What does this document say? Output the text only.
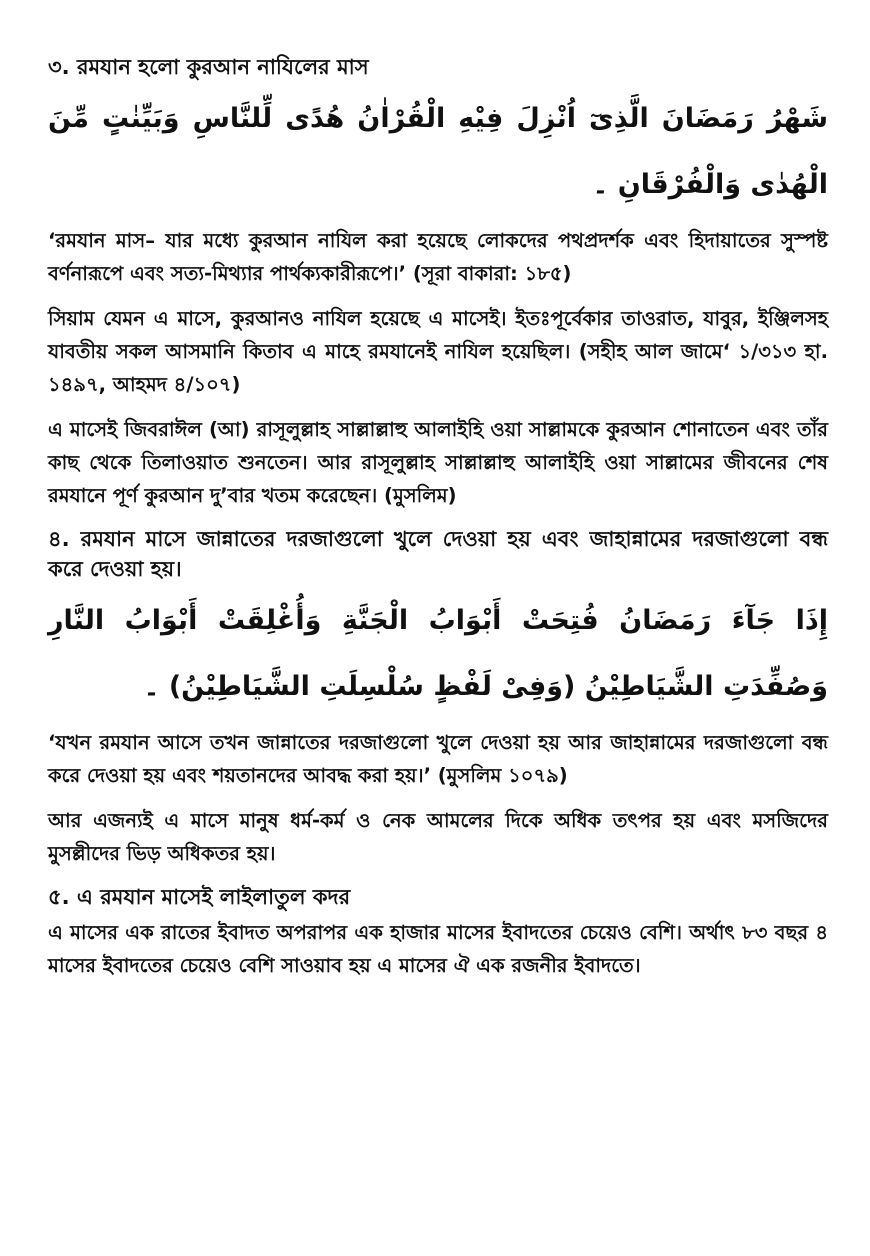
৩. রমযান হলো কুরআন নাযিলের মাস

شَهْرُ رَمَضَانَ الَّذِیٓ اُنْزِلَ فِيْهِ الْقُرْاٰنُ هُدًى لِّلنَّاسِ وَبَيِّنٰتٍ مِّنَ الْهُدٰى وَالْفُرْقَانِ ۔

‘রমযান মাস– যার মধ্যে কুরআন নাযিল করা হয়েছে লোকদের পথপ্রদর্শক এবং হিদায়াতের সুস্পষ্ট বর্ণনারূপে এবং সত্য-মিথ্যার পার্থক্যকারীরূপে।’ (সূরা বাকারা: ১৮৫)

সিয়াম যেমন এ মাসে, কুরআনও নাযিল হয়েছে এ মাসেই। ইতঃপূর্বেকার তাওরাত, যাবুর, ইঞ্জিলসহ যাবতীয় সকল আসমানি কিতাব এ মাহে রমযানেই নাযিল হয়েছিল। (সহীহ আল জামে‘ ১/৩১৩ হা. ১৪৯৭, আহমদ ৪/১০৭)

এ মাসেই জিবরাঈল (আ) রাসূলুল্লাহ সাল্লাল্লাহু আলাইহি ওয়া সাল্লামকে কুরআন শোনাতেন এবং তাঁর কাছ থেকে তিলাওয়াত শুনতেন। আর রাসূলুল্লাহ সাল্লাল্লাহু আলাইহি ওয়া সাল্লামের জীবনের শেষ রমযানে পূর্ণ কুরআন দু’বার খতম করেছেন। (মুসলিম)

৪. রমযান মাসে জান্নাতের দরজাগুলো খুলে দেওয়া হয় এবং জাহান্নামের দরজাগুলো বন্ধ করে দেওয়া হয়।

إِذَا جَآءَ رَمَضَانُ فُتِحَتْ أَبْوَابُ الْجَنَّةِ وَأُغْلِقَتْ أَبْوَابُ النَّارِ وَصُفِّدَتِ الشَّيَاطِيْنُ (وَفِىْ لَفْظٍ سُلْسِلَتِ الشَّيَاطِيْنُ) ۔

‘যখন রমযান আসে তখন জান্নাতের দরজাগুলো খুলে দেওয়া হয় আর জাহান্নামের দরজাগুলো বন্ধ করে দেওয়া হয় এবং শয়তানদের আবদ্ধ করা হয়।’ (মুসলিম ১০৭৯)

আর এজন্যই এ মাসে মানুষ ধর্ম-কর্ম ও নেক আমলের দিকে অধিক তৎপর হয় এবং মসজিদের মুসল্লীদের ভিড় অধিকতর হয়।

৫. এ রমযান মাসেই লাইলাতুল কদর

এ মাসের এক রাতের ইবাদত অপরাপর এক হাজার মাসের ইবাদতের চেয়েও বেশি। অর্থাৎ ৮৩ বছর ৪ মাসের ইবাদতের চেয়েও বেশি সাওয়াব হয় এ মাসের ঐ এক রজনীর ইবাদতে।
